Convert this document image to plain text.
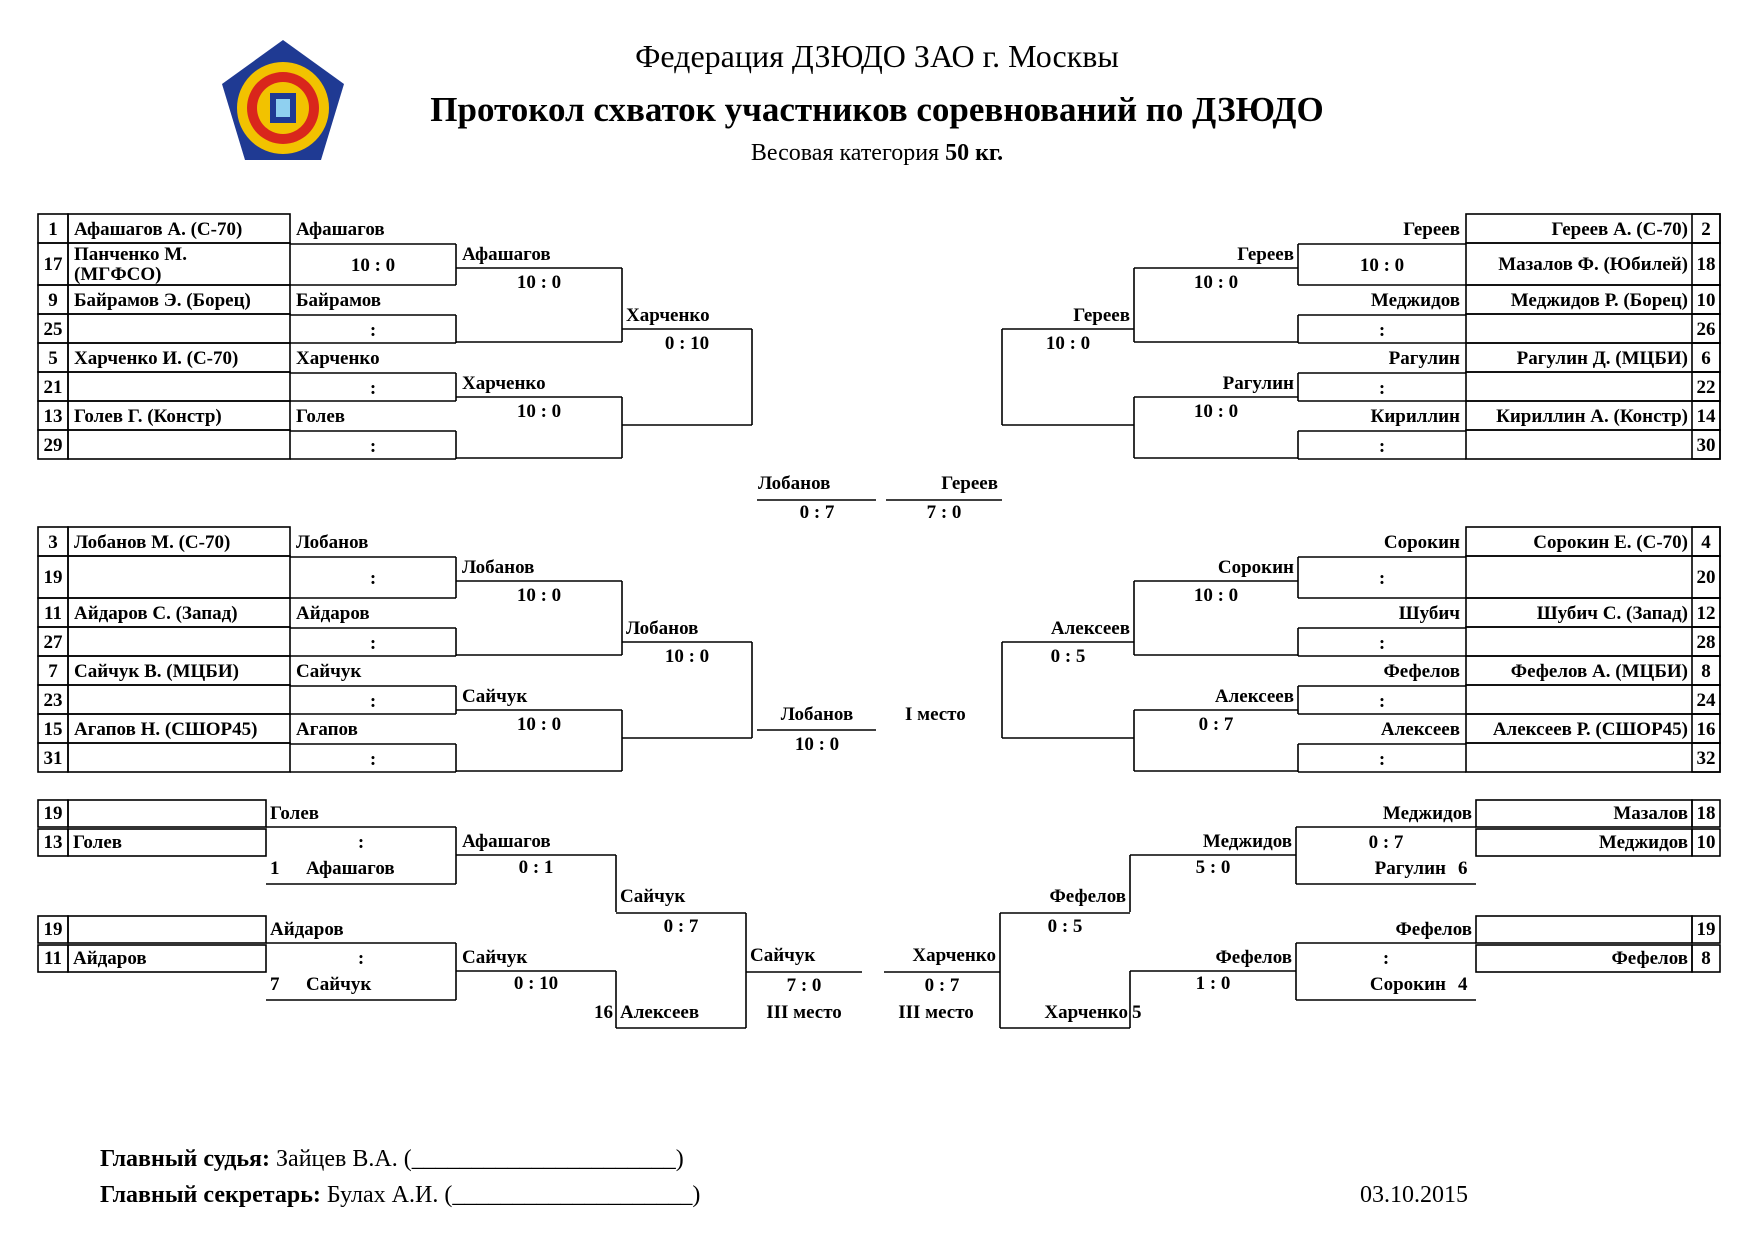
Федерация ДЗЮДО ЗАО г. Москвы
Протокол схваток участников соревнований по ДЗЮДО
Весовая категория 50 кг.
1 Афашагов А. (С-70)
17 Панченко М.
(МГФСО)
9 Байрамов Э. (Борец)
25
5 Харченко И. (С-70)
21
13 Голев Г. (Констр)
29
3 Лобанов М. (С-70)
19
11 Айдаров С. (Запад)
27
7 Сайчук В. (МЦБИ)
23
15 Агапов Н. (СШОР45)
31
2
Гереев А. (С-70)
18
Мазалов Ф. (Юбилей)
10
Меджидов Р. (Борец)
26
6
Рагулин Д. (МЦБИ)
22
14
Кириллин А. (Констр)
30
4
Сорокин Е. (С-70)
20
12
Шубич С. (Запад)
28
8
Фефелов А. (МЦБИ)
24
16
Алексеев Р. (СШОР45)
32
Афашагов
10 : 0
Гереев
10 : 0
Байрамов
:
Меджидов
:
Харченко
:
Рагулин
:
Голев
:
Кириллин
:
Лобанов
:
Сорокин
:
Айдаров
:
Шубич
:
Сайчук
:
Фефелов
:
Агапов
:
Алексеев
:
Афашагов
10 : 0
Гереев
10 : 0
Харченко
10 : 0
Рагулин
10 : 0
Лобанов
10 : 0
Сорокин
10 : 0
Сайчук
10 : 0
Алексеев
0 : 7
Харченко
0 : 10
Гереев
10 : 0
Лобанов
10 : 0
Алексеев
0 : 5
Лобанов
0 : 7
Гереев
7 : 0
Лобанов
10 : 0
I место
19
13 Голев
19
11 Айдаров
Голев
:
1 Афашагов
Афашагов
0 : 1
Айдаров
:
7 Сайчук
Сайчук
0 : 10
Сайчук
0 : 7
16 Алексеев
Сайчук
7 : 0
III место
18
Мазалов
10
Меджидов
19
8
Фефелов
Меджидов
0 : 7
Рагулин 6
Меджидов
5 : 0
Фефелов
:
Сорокин 4
Фефелов
1 : 0
Фефелов
0 : 5
Харченко 5
Харченко
0 : 7
III место
Главный судья: Зайцев В.А. (______________________)
Главный секретарь: Булах А.И. (____________________)	03.10.2015
